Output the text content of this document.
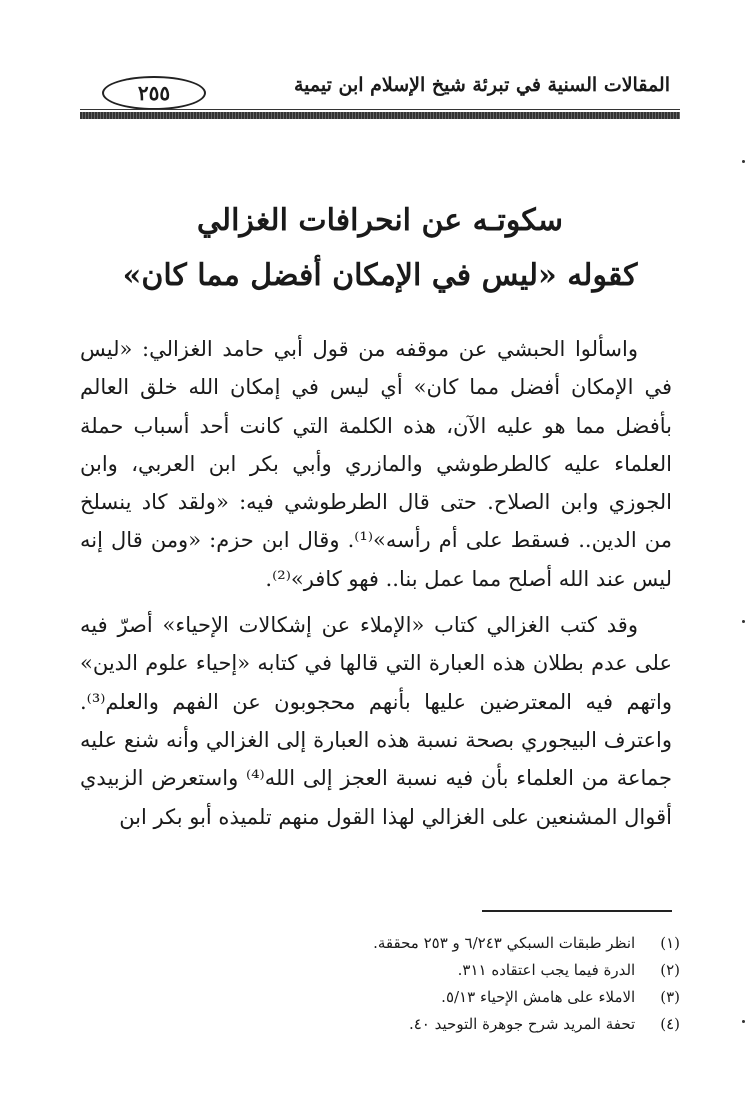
٢٥٥	المقالات السنية في تبرئة شيخ الإسلام ابن تيمية
سكوتـه عن انحرافات الغزالي
كقوله «ليس في الإمكان أفضل مما كان»

واسألوا الحبشي عن موقفه من قول أبي حامد الغزالي: «ليس في الإمكان أفضل مما كان» أي ليس في إمكان الله خلق العالم بأفضل مما هو عليه الآن، هذه الكلمة التي كانت أحد أسباب حملة العلماء عليه كالطرطوشي والمازري وأبي بكر ابن العربي، وابن الجوزي وابن الصلاح. حتى قال الطرطوشي فيه: «ولقد كاد ينسلخ من الدين.. فسقط على أم رأسه»⁽¹⁾. وقال ابن حزم: «ومن قال إنه ليس عند الله أصلح مما عمل بنا.. فهو كافر»⁽²⁾.

وقد كتب الغزالي كتاب «الإملاء عن إشكالات الإحياء» أصرّ فيه على عدم بطلان هذه العبارة التي قالها في كتابه «إحياء علوم الدين» واتهم فيه المعترضين عليها بأنهم محجوبون عن الفهم والعلم⁽³⁾. واعترف البيجوري بصحة نسبة هذه العبارة إلى الغزالي وأنه شنع عليه جماعة من العلماء بأن فيه نسبة العجز إلى الله⁽⁴⁾ واستعرض الزبيدي أقوال المشنعين على الغزالي لهذا القول منهم تلميذه أبو بكر ابن

(١) انظر طبقات السبكي ٦/٢٤٣ و ٢٥٣ محققة.
(٢) الدرة فيما يجب اعتقاده ٣١١.
(٣) الاملاء على هامش الإحياء ٥/١٣.
(٤) تحفة المريد شرح جوهرة التوحيد ٤٠.
